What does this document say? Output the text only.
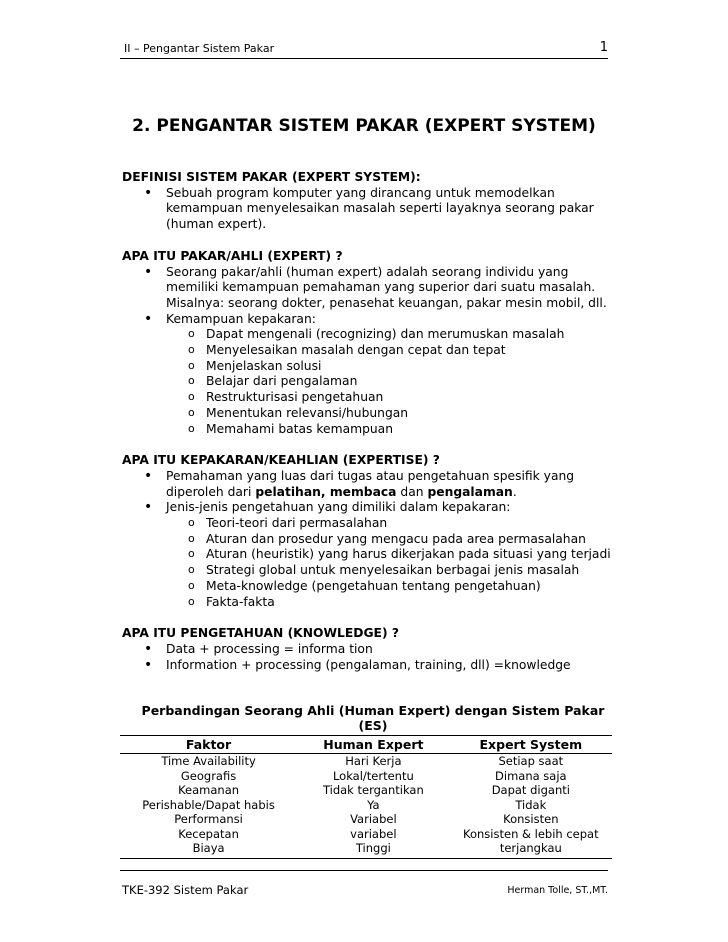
II – Pengantar Sistem Pakar	1
2. PENGANTAR SISTEM PAKAR (EXPERT SYSTEM)

DEFINISI SISTEM PAKAR (EXPERT SYSTEM):

• Sebuah program komputer yang dirancang untuk memodelkan kemampuan menyelesaikan masalah seperti layaknya seorang pakar (human expert).

APA ITU PAKAR/AHLI (EXPERT) ?

• Seorang pakar/ahli (human expert) adalah seorang individu yang memiliki kemampuan pemahaman yang superior dari suatu masalah. Misalnya: seorang dokter, penasehat keuangan, pakar mesin mobil, dll.
• Kemampuan kepakaran:
o Dapat mengenali (recognizing) dan merumuskan masalah
o Menyelesaikan masalah dengan cepat dan tepat
o Menjelaskan solusi
o Belajar dari pengalaman
o Restrukturisasi pengetahuan
o Menentukan relevansi/hubungan
o Memahami batas kemampuan

APA ITU KEPAKARAN/KEAHLIAN (EXPERTISE) ?

• Pemahaman yang luas dari tugas atau pengetahuan spesifik yang diperoleh dari pelatihan, membaca dan pengalaman.
• Jenis-jenis pengetahuan yang dimiliki dalam kepakaran:
o Teori-teori dari permasalahan
o Aturan dan prosedur yang mengacu pada area permasalahan
o Aturan (heuristik) yang harus dikerjakan pada situasi yang terjadi
o Strategi global untuk menyelesaikan berbagai jenis masalah
o Meta-knowledge (pengetahuan tentang pengetahuan)
o Fakta-fakta

APA ITU PENGETAHUAN (KNOWLEDGE) ?

• Data + processing = informa tion
• Information + processing (pengalaman, training, dll) =knowledge
Perbandingan Seorang Ahli (Human Expert) dengan Sistem Pakar (ES)
Faktor	Human Expert	Expert System
Time Availability	Hari Kerja	Setiap saat
Geografis	Lokal/tertentu	Dimana saja
Keamanan	Tidak tergantikan	Dapat diganti
Perishable/Dapat habis	Ya	Tidak
Performansi	Variabel	Konsisten
Kecepatan	variabel	Konsisten & lebih cepat
Biaya	Tinggi	terjangkau
TKE-392 Sistem Pakar	Herman Tolle, ST.,MT.
